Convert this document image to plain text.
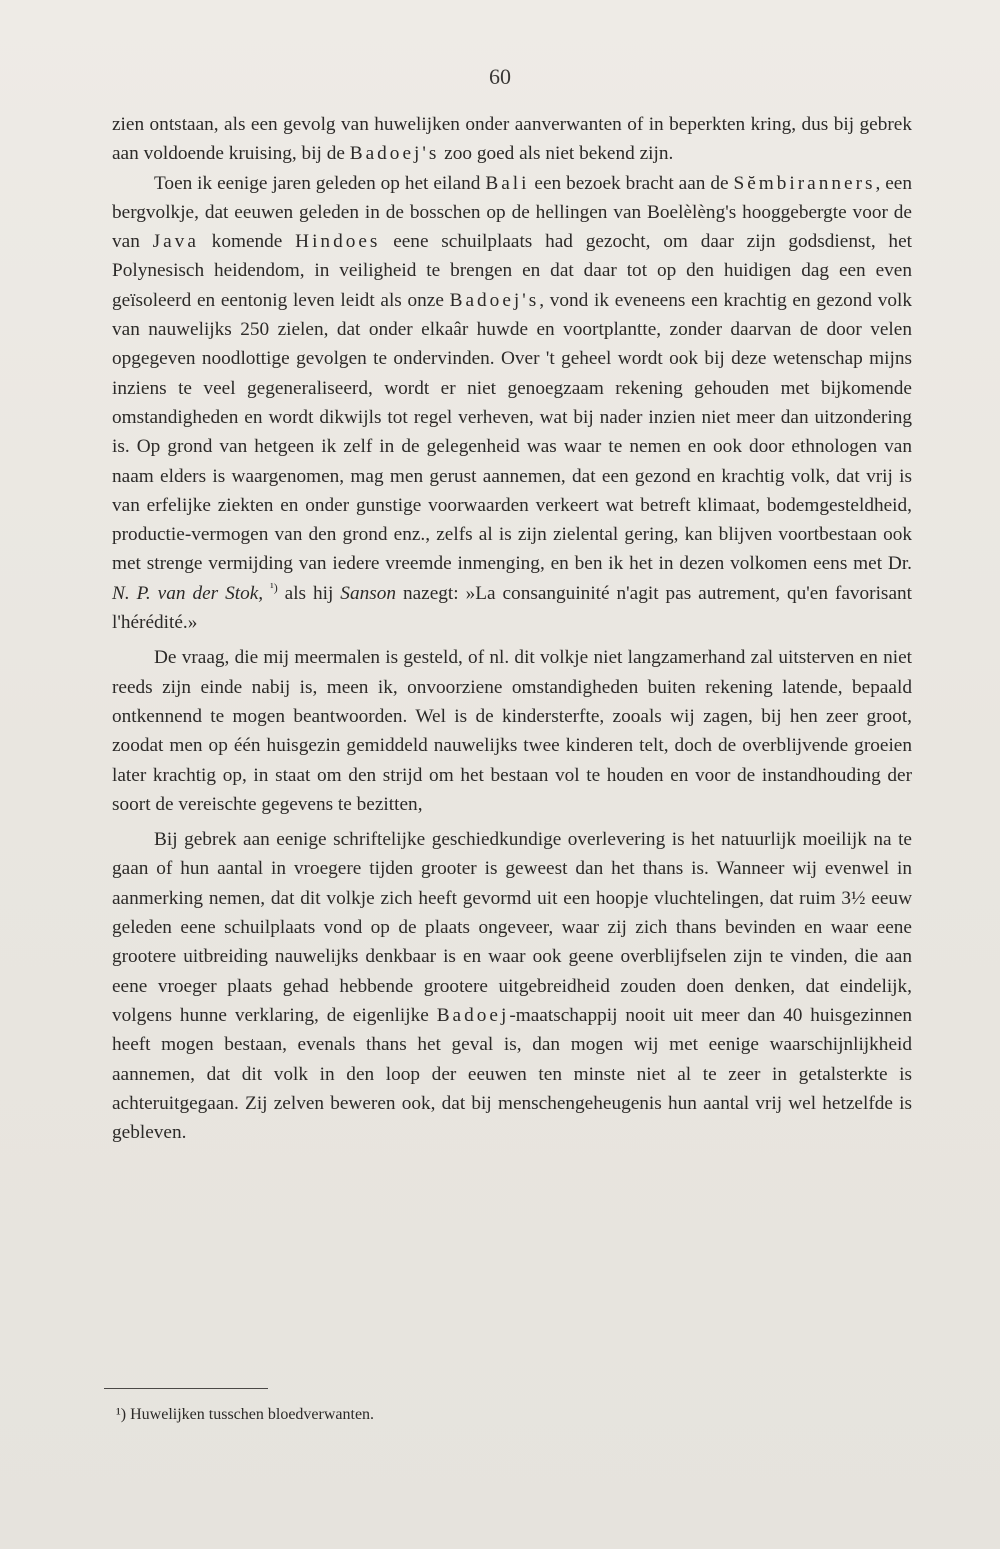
60

zien ontstaan, als een gevolg van huwelijken onder aanverwanten of in beperkten kring, dus bij gebrek aan voldoende kruising, bij de Badoej's zoo goed als niet bekend zijn.

Toen ik eenige jaren geleden op het eiland Bali een bezoek bracht aan de Sĕmbiranners, een bergvolkje, dat eeuwen geleden in de bosschen op de hellingen van Boelèlèng's hooggebergte voor de van Java komende Hindoes eene schuilplaats had gezocht, om daar zijn godsdienst, het Polynesisch heidendom, in veiligheid te brengen en dat daar tot op den huidigen dag een even geïsoleerd en eentonig leven leidt als onze Badoej's, vond ik eveneens een krachtig en gezond volk van nauwelijks 250 zielen, dat onder elkaâr huwde en voortplantte, zonder daarvan de door velen opgegeven noodlottige gevolgen te ondervinden. Over 't geheel wordt ook bij deze wetenschap mijns inziens te veel gegeneraliseerd, wordt er niet genoegzaam rekening gehouden met bijkomende omstandigheden en wordt dikwijls tot regel verheven, wat bij nader inzien niet meer dan uitzondering is. Op grond van hetgeen ik zelf in de gelegenheid was waar te nemen en ook door ethnologen van naam elders is waargenomen, mag men gerust aannemen, dat een gezond en krachtig volk, dat vrij is van erfelijke ziekten en onder gunstige voorwaarden verkeert wat betreft klimaat, bodemgesteldheid, productie-vermogen van den grond enz., zelfs al is zijn zielental gering, kan blijven voortbestaan ook met strenge vermijding van iedere vreemde inmenging, en ben ik het in dezen volkomen eens met Dr. N. P. van der Stok, $^{^1)}$ als hij Sanson nazegt: »La consanguinité n'agit pas autrement, qu'en favorisant l'hérédité.»

De vraag, die mij meermalen is gesteld, of nl. dit volkje niet langzamerhand zal uitsterven en niet reeds zijn einde nabij is, meen ik, onvoorziene omstandigheden buiten rekening latende, bepaald ontkennend te mogen beantwoorden. Wel is de kindersterfte, zooals wij zagen, bij hen zeer groot, zoodat men op één huisgezin gemiddeld nauwelijks twee kinderen telt, doch de overblijvende groeien later krachtig op, in staat om den strijd om het bestaan vol te houden en voor de instandhouding der soort de vereischte gegevens te bezitten,

Bij gebrek aan eenige schriftelijke geschiedkundige overlevering is het natuurlijk moeilijk na te gaan of hun aantal in vroegere tijden grooter is geweest dan het thans is. Wanneer wij evenwel in aanmerking nemen, dat dit volkje zich heeft gevormd uit een hoopje vluchtelingen, dat ruim 3½ eeuw geleden eene schuilplaats vond op de plaats ongeveer, waar zij zich thans bevinden en waar eene grootere uitbreiding nauwelijks denkbaar is en waar ook geene overblijfselen zijn te vinden, die aan eene vroeger plaats gehad hebbende grootere uitgebreidheid zouden doen denken, dat eindelijk, volgens hunne verklaring, de eigenlijke Badoej-maatschappij nooit uit meer dan 40 huisgezinnen heeft mogen bestaan, evenals thans het geval is, dan mogen wij met eenige waarschijnlijkheid aannemen, dat dit volk in den loop der eeuwen ten minste niet al te zeer in getalsterkte is achteruitgegaan. Zij zelven beweren ook, dat bij menschengeheugenis hun aantal vrij wel hetzelfde is gebleven.

¹) Huwelijken tusschen bloedverwanten.
